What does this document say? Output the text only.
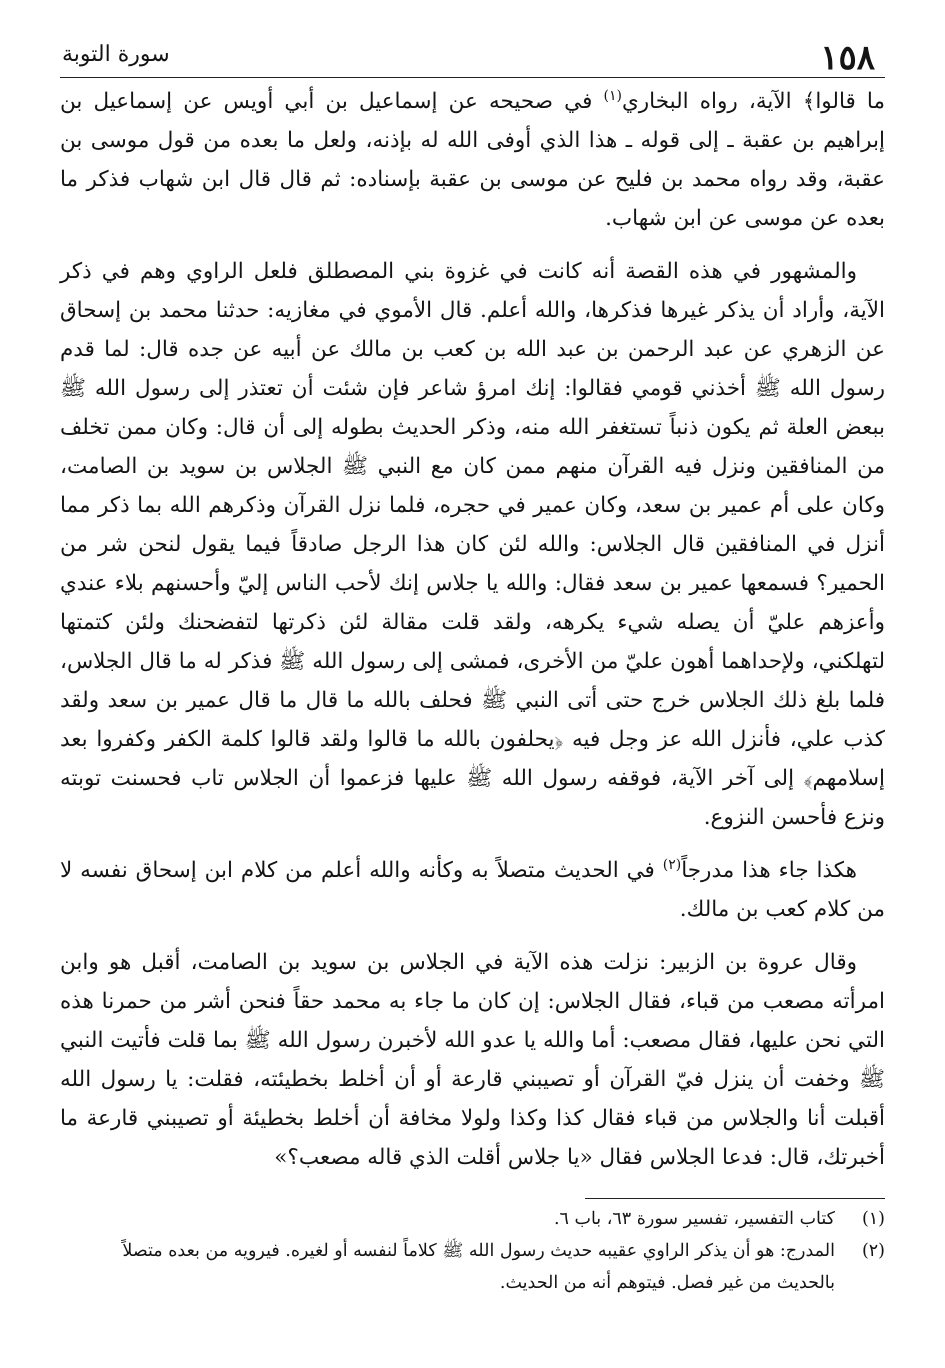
١٥٨
سورة التوبة

ما قالوا﴾ الآية، رواه البخاري$^{(١)}$ في صحيحه عن إسماعيل بن أبي أويس عن إسماعيل بن إبراهيم بن عقبة ـ إلى قوله ـ هذا الذي أوفى الله له بإذنه، ولعل ما بعده من قول موسى بن عقبة، وقد رواه محمد بن فليح عن موسى بن عقبة بإسناده: ثم قال قال ابن شهاب فذكر ما بعده عن موسى عن ابن شهاب.

والمشهور في هذه القصة أنه كانت في غزوة بني المصطلق فلعل الراوي وهم في ذكر الآية، وأراد أن يذكر غيرها فذكرها، والله أعلم. قال الأموي في مغازيه: حدثنا محمد بن إسحاق عن الزهري عن عبد الرحمن بن عبد الله بن كعب بن مالك عن أبيه عن جده قال: لما قدم رسول الله ﷺ أخذني قومي فقالوا: إنك امرؤ شاعر فإن شئت أن تعتذر إلى رسول الله ﷺ ببعض العلة ثم يكون ذنباً تستغفر الله منه، وذكر الحديث بطوله إلى أن قال: وكان ممن تخلف من المنافقين ونزل فيه القرآن منهم ممن كان مع النبي ﷺ الجلاس بن سويد بن الصامت، وكان على أم عمير بن سعد، وكان عمير في حجره، فلما نزل القرآن وذكرهم الله بما ذكر مما أنزل في المنافقين قال الجلاس: والله لئن كان هذا الرجل صادقاً فيما يقول لنحن شر من الحمير؟ فسمعها عمير بن سعد فقال: والله يا جلاس إنك لأحب الناس إليّ وأحسنهم بلاء عندي وأعزهم عليّ أن يصله شيء يكرهه، ولقد قلت مقالة لئن ذكرتها لتفضحنك ولئن كتمتها لتهلكني، ولإحداهما أهون عليّ من الأخرى، فمشى إلى رسول الله ﷺ فذكر له ما قال الجلاس، فلما بلغ ذلك الجلاس خرج حتى أتى النبي ﷺ فحلف بالله ما قال ما قال عمير بن سعد ولقد كذب علي، فأنزل الله عز وجل فيه ﴿يحلفون بالله ما قالوا ولقد قالوا كلمة الكفر وكفروا بعد إسلامهم﴾ إلى آخر الآية، فوقفه رسول الله ﷺ عليها فزعموا أن الجلاس تاب فحسنت توبته ونزع فأحسن النزوع.

هكذا جاء هذا مدرجاً$^{(٢)}$ في الحديث متصلاً به وكأنه والله أعلم من كلام ابن إسحاق نفسه لا من كلام كعب بن مالك.

وقال عروة بن الزبير: نزلت هذه الآية في الجلاس بن سويد بن الصامت، أقبل هو وابن امرأته مصعب من قباء، فقال الجلاس: إن كان ما جاء به محمد حقاً فنحن أشر من حمرنا هذه التي نحن عليها، فقال مصعب: أما والله يا عدو الله لأخبرن رسول الله ﷺ بما قلت فأتيت النبي ﷺ وخفت أن ينزل فيّ القرآن أو تصيبني قارعة أو أن أخلط بخطيئته، فقلت: يا رسول الله أقبلت أنا والجلاس من قباء فقال كذا وكذا ولولا مخافة أن أخلط بخطيئة أو تصيبني قارعة ما أخبرتك، قال: فدعا الجلاس فقال «يا جلاس أقلت الذي قاله مصعب؟»

(١)
كتاب التفسير، تفسير سورة ٦٣، باب ٦.

(٢)
المدرج: هو أن يذكر الراوي عقيبه حديث رسول الله ﷺ كلاماً لنفسه أو لغيره. فيرويه من بعده متصلاً

بالحديث من غير فصل. فيتوهم أنه من الحديث.
